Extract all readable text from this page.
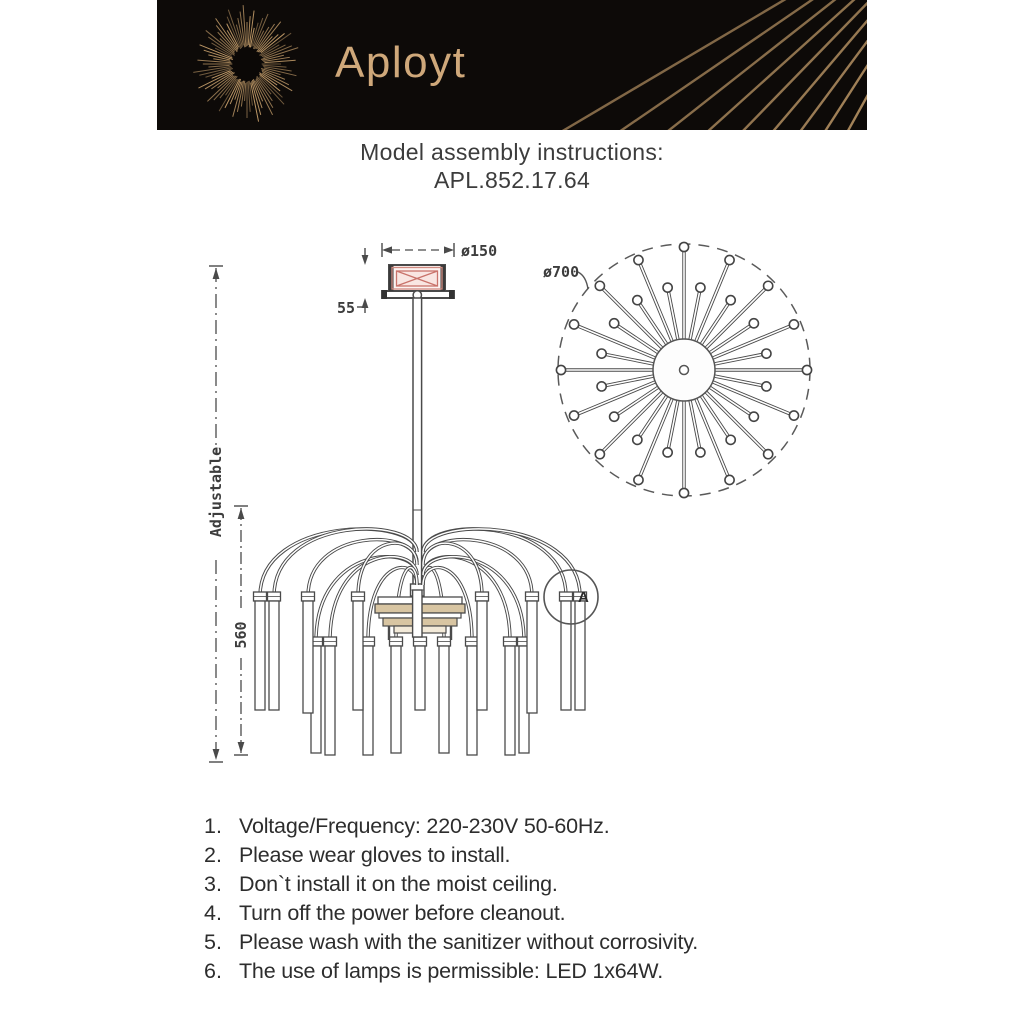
Aployt
Model assembly instructions:
APL.852.17.64
ø150
55
Adjustable
560
A
ø700
1. Voltage/Frequency: 220-230V 50-60Hz.
2. Please wear gloves to install.
3. Don`t install it on the moist ceiling.
4. Turn off the power before cleanout.
5. Please wash with the sanitizer without corrosivity.
6. The use of lamps is permissible: LED 1x64W.
